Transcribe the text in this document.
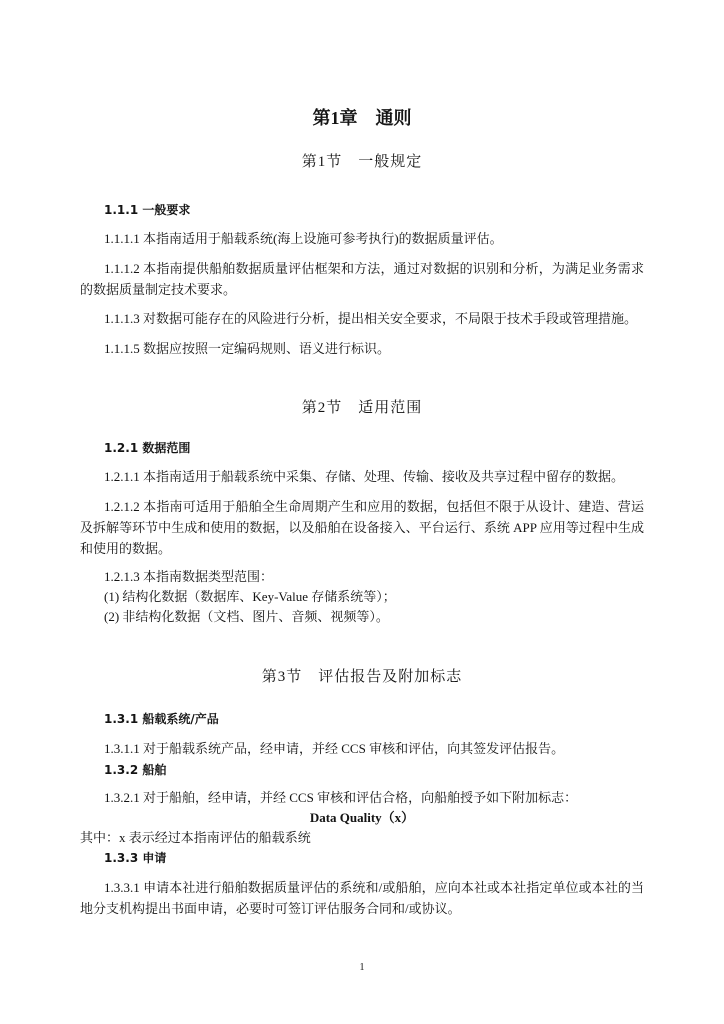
第1章　通则
第1节　一般规定
1.1.1 一般要求
1.1.1.1 本指南适用于船载系统(海上设施可参考执行)的数据质量评估。
1.1.1.2 本指南提供船舶数据质量评估框架和方法，通过对数据的识别和分析，为满足业务需求的数据质量制定技术要求。
1.1.1.3 对数据可能存在的风险进行分析，提出相关安全要求，不局限于技术手段或管理措施。
1.1.1.5 数据应按照一定编码规则、语义进行标识。
第2节　适用范围
1.2.1 数据范围
1.2.1.1 本指南适用于船载系统中采集、存储、处理、传输、接收及共享过程中留存的数据。
1.2.1.2 本指南可适用于船舶全生命周期产生和应用的数据，包括但不限于从设计、建造、营运及拆解等环节中生成和使用的数据，以及船舶在设备接入、平台运行、系统 APP 应用等过程中生成和使用的数据。
1.2.1.3 本指南数据类型范围：
(1) 结构化数据（数据库、Key-Value 存储系统等）；
(2) 非结构化数据（文档、图片、音频、视频等）。
第3节　评估报告及附加标志
1.3.1 船载系统/产品
1.3.1.1 对于船载系统产品，经申请，并经 CCS 审核和评估，向其签发评估报告。
1.3.2 船舶
1.3.2.1 对于船舶，经申请，并经 CCS 审核和评估合格，向船舶授予如下附加标志：
Data Quality（x）
其中：x 表示经过本指南评估的船载系统
1.3.3 申请
1.3.3.1 申请本社进行船舶数据质量评估的系统和/或船舶，应向本社或本社指定单位或本社的当地分支机构提出书面申请，必要时可签订评估服务合同和/或协议。
1
